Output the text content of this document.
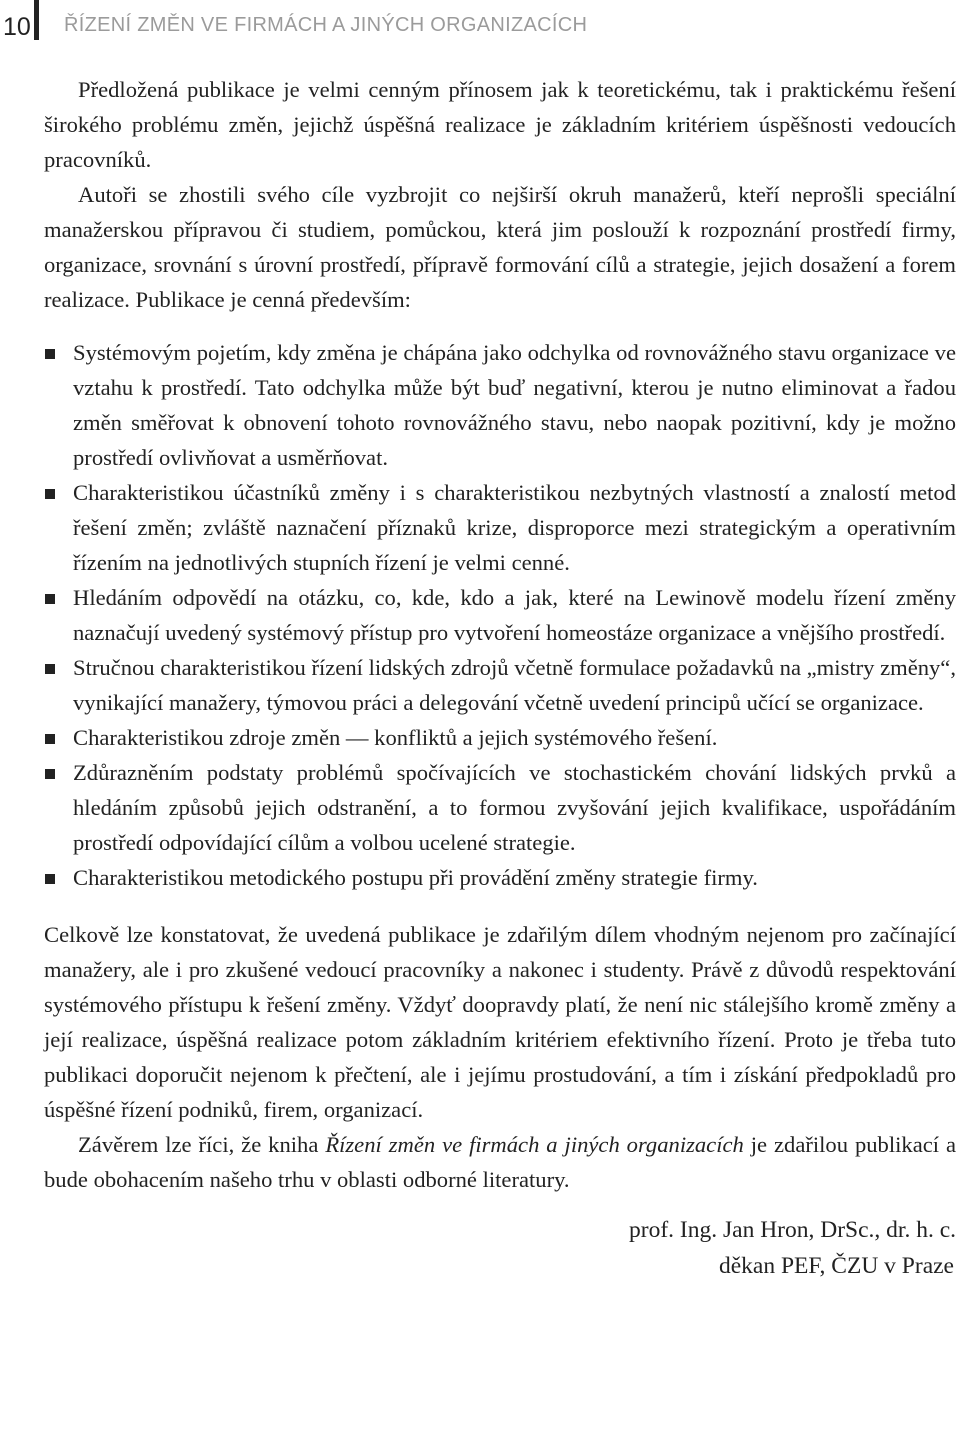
10 ŘÍZENÍ ZMĚN VE FIRMÁCH A JINÝCH ORGANIZACÍCH

Předložená publikace je velmi cenným přínosem jak k teoretickému, tak i praktickému řešení širokého problému změn, jejichž úspěšná realizace je základním kritériem úspěšnosti vedoucích pracovníků.

Autoři se zhostili svého cíle vyzbrojit co nejširší okruh manažerů, kteří neprošli speciální manažerskou přípravou či studiem, pomůckou, která jim poslouží k rozpoznání prostředí firmy, organizace, srovnání s úrovní prostředí, přípravě formování cílů a strategie, jejich dosažení a forem realizace. Publikace je cenná především:

Systémovým pojetím, kdy změna je chápána jako odchylka od rovnovážného stavu organizace ve vztahu k prostředí. Tato odchylka může být buď negativní, kterou je nutno eliminovat a řadou změn směřovat k obnovení tohoto rovnovážného stavu, nebo naopak pozitivní, kdy je možno prostředí ovlivňovat a usměrňovat.
Charakteristikou účastníků změny i s charakteristikou nezbytných vlastností a znalostí metod řešení změn; zvláště naznačení příznaků krize, disproporce mezi strategickým a operativním řízením na jednotlivých stupních řízení je velmi cenné.
Hledáním odpovědí na otázku, co, kde, kdo a jak, které na Lewinově modelu řízení změny naznačují uvedený systémový přístup pro vytvoření homeostáze organizace a vnějšího prostředí.
Stručnou charakteristikou řízení lidských zdrojů včetně formulace požadavků na „mistry změny“, vynikající manažery, týmovou práci a delegování včetně uvedení principů učící se organizace.
Charakteristikou zdroje změn — konfliktů a jejich systémového řešení.
Zdůrazněním podstaty problémů spočívajících ve stochastickém chování lidských prvků a hledáním způsobů jejich odstranění, a to formou zvyšování jejich kvalifikace, uspořádáním prostředí odpovídající cílům a volbou ucelené strategie.
Charakteristikou metodického postupu při provádění změny strategie firmy.

Celkově lze konstatovat, že uvedená publikace je zdařilým dílem vhodným nejenom pro začínající manažery, ale i pro zkušené vedoucí pracovníky a nakonec i studenty. Právě z důvodů respektování systémového přístupu k řešení změny. Vždyť doopravdy platí, že není nic stálejšího kromě změny a její realizace, úspěšná realizace potom základním kritériem efektivního řízení. Proto je třeba tuto publikaci doporučit nejenom k přečtení, ale i jejímu prostudování, a tím i získání předpokladů pro úspěšné řízení podniků, firem, organizací.

Závěrem lze říci, že kniha Řízení změn ve firmách a jiných organizacích je zdařilou publikací a bude obohacením našeho trhu v oblasti odborné literatury.

prof. Ing. Jan Hron, DrSc., dr. h. c.
děkan PEF, ČZU v Praze
